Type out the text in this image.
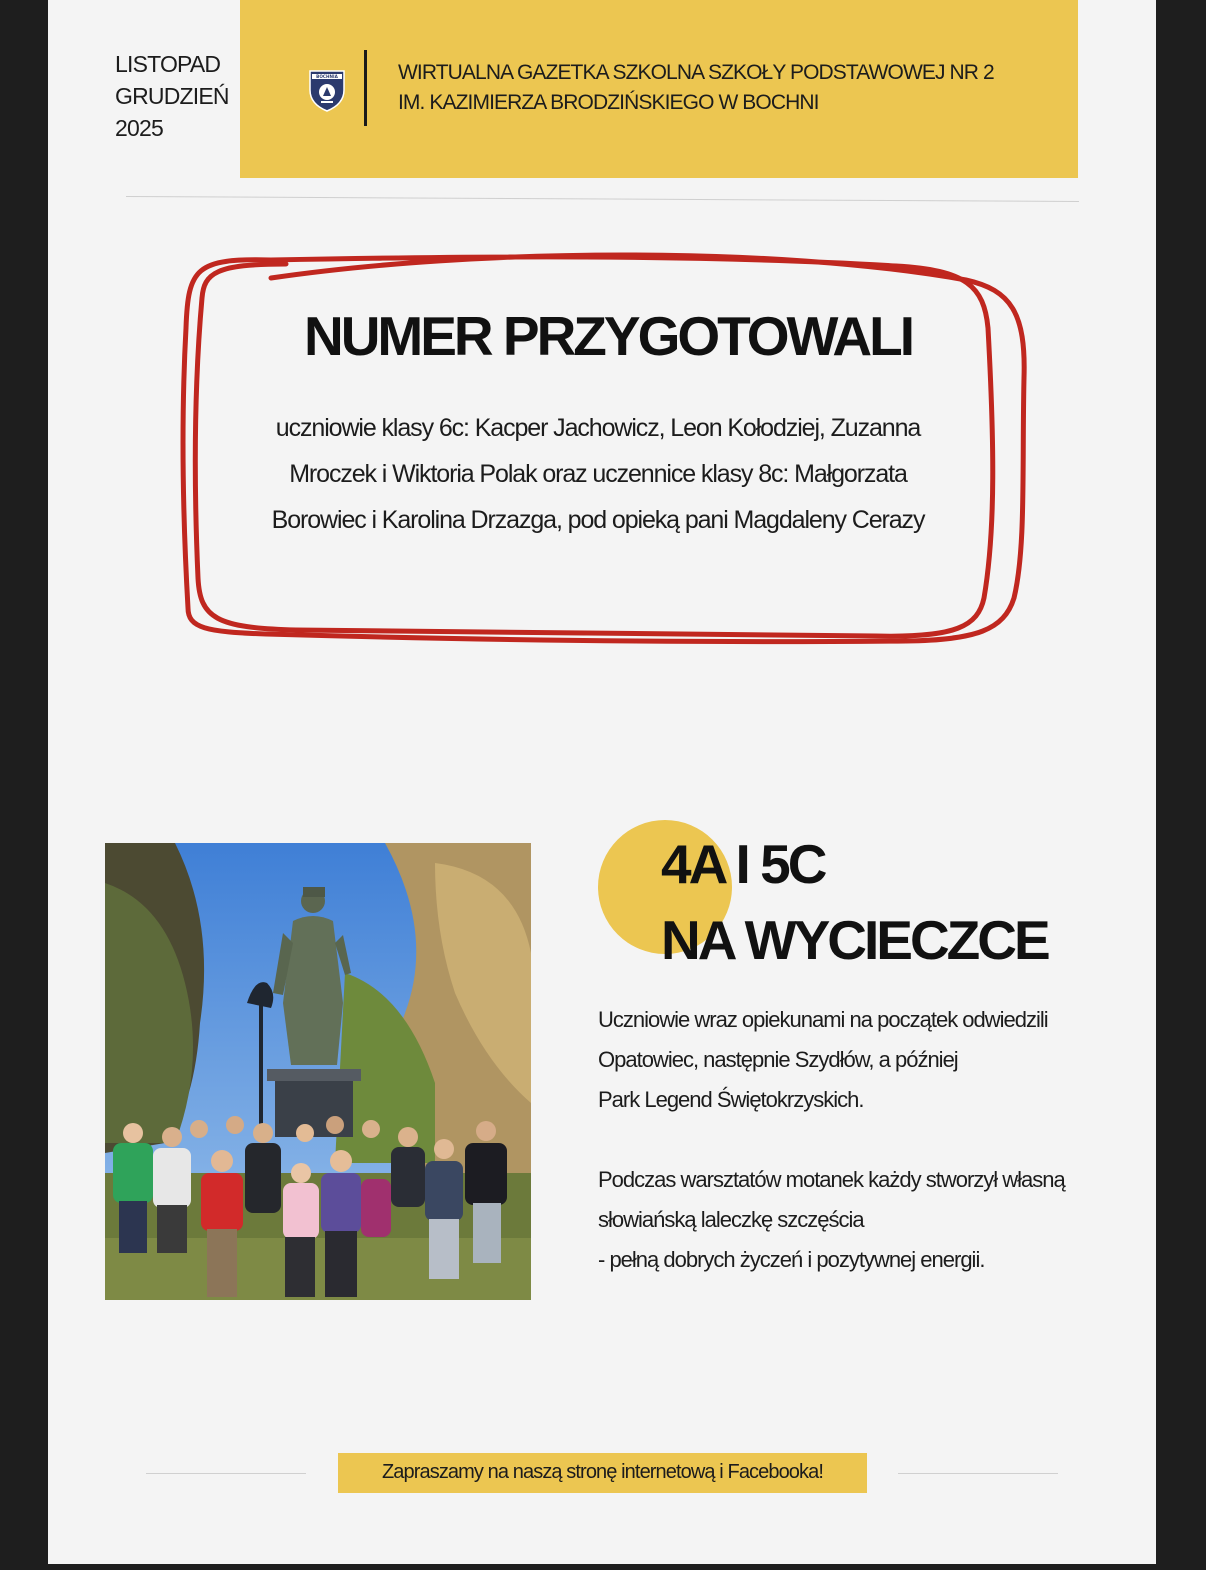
LISTOPAD
GRUDZIEŃ
2025
BOCHNIA	WIRTUALNA GAZETKA SZKOLNA SZKOŁY PODSTAWOWEJ NR 2
IM. KAZIMIERZA BRODZIŃSKIEGO W BOCHNI
NUMER PRZYGOTOWALI
uczniowie klasy 6c: Kacper Jachowicz, Leon Kołodziej, Zuzanna Mroczek i Wiktoria Polak oraz uczennice klasy 8c: Małgorzata Borowiec i Karolina Drzazga, pod opieką pani Magdaleny Cerazy
4A I 5C
NA WYCIECZCE

Uczniowie wraz opiekunami na początek odwiedzili

Opatowiec, następnie Szydłów, a później

Park Legend Świętokrzyskich.

Podczas warsztatów motanek każdy stworzył własną

słowiańską laleczkę szczęścia

- pełną dobrych życzeń i pozytywnej energii.

Zapraszamy na naszą stronę internetową i Facebooka!
